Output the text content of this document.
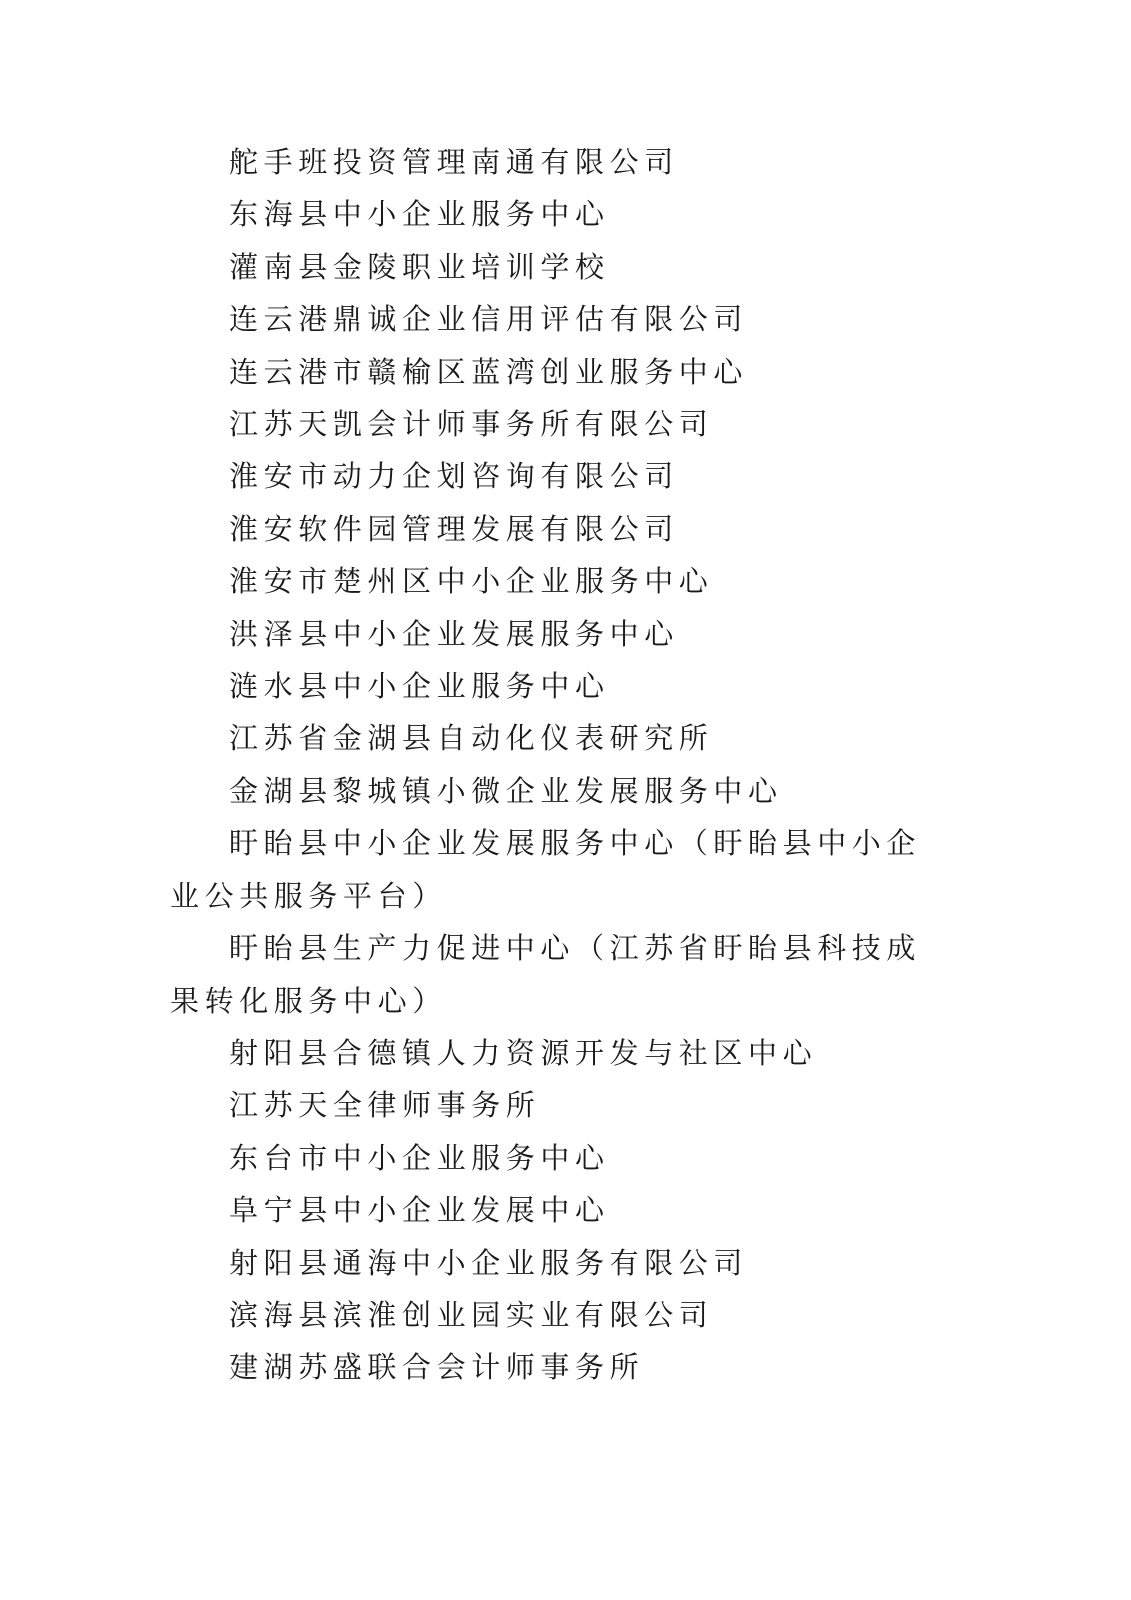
舵手班投资管理南通有限公司

东海县中小企业服务中心

灌南县金陵职业培训学校

连云港鼎诚企业信用评估有限公司

连云港市赣榆区蓝湾创业服务中心

江苏天凯会计师事务所有限公司

淮安市动力企划咨询有限公司

淮安软件园管理发展有限公司

淮安市楚州区中小企业服务中心

洪泽县中小企业发展服务中心

涟水县中小企业服务中心

江苏省金湖县自动化仪表研究所

金湖县黎城镇小微企业发展服务中心

盱眙县中小企业发展服务中心（盱眙县中小企业公共服务平台）

盱眙县生产力促进中心（江苏省盱眙县科技成果转化服务中心）

射阳县合德镇人力资源开发与社区中心

江苏天全律师事务所

东台市中小企业服务中心

阜宁县中小企业发展中心

射阳县通海中小企业服务有限公司

滨海县滨淮创业园实业有限公司

建湖苏盛联合会计师事务所
